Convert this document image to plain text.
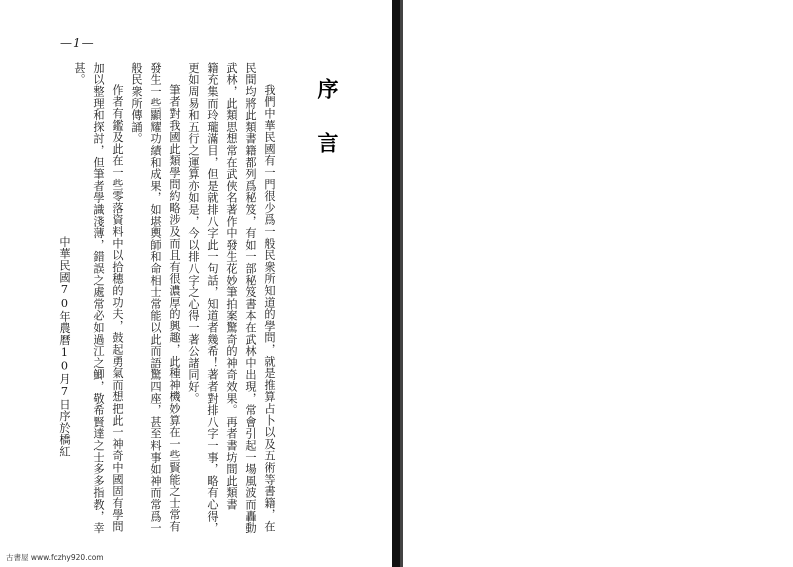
—1—
序
言
我們中華民國有一門很少爲一般民衆所知道的學問，就是推算占卜以及五術等書籍，在
民間均將此類書籍都列爲秘笈，有如一部秘笈書本在武林中出現，常會引起一場風波而轟動
武林，此類思想常在武俠名著作中發生花妙筆拍案驚奇的神奇效果。再者書坊間此類書
籍充集而玲瓏滿目，但是就排八字此一句話，知道者幾希！著者對排八字一事，略有心得，
更如周易和五行之運算亦如是，今以排八字之心得一著公諸同好。
筆者對我國此類學問約略涉及而且有很濃厚的興趣，此種神機妙算在一些賢能之士常有
發生一些顯耀功績和成果，如堪輿師和命相士常能以此而語驚四座，甚至料事如神而常爲一
般民衆所傳誦。
作者有鑑及此在一些零落資料中以拾穗的功夫，鼓起勇氣而想把此一神奇中國固有學問
加以整理和探討，但筆者學識淺薄，錯誤之處常必如過江之鯽，敬希賢達之士多多指教，幸
甚。
中華民國70年農曆10月7日序於橋紅
古書屋 www.fczhy920.com
